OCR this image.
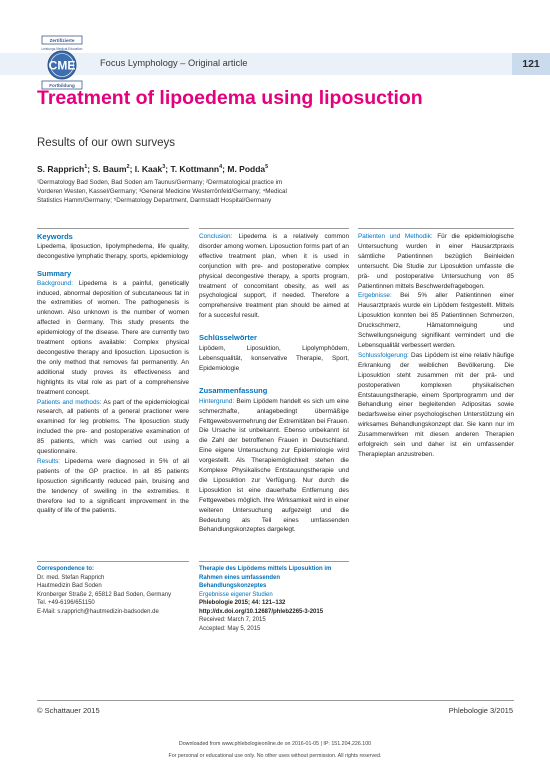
Focus Lymphology – Original article	121
Zertifizierte
Leistungs-Medical-Education
CME
Fortbildung
Treatment of lipoedema using liposuction
Results of our own surveys
S. Rapprich$^1$; S. Baum$^2$; I. Kaak$^3$; T. Kottmann$^4$; M. Podda$^5$
¹Dermatology Bad Soden, Bad Soden am Taunus/Germany; ²Dermatological practice im Vorderen Westen, Kassel/Germany; ³General Medicine Westerrönfeld/Germany; ⁴Medical Statistics Hamm/Germany; ⁵Dermatology Department, Darmstadt Hospital/Germany
Keywords

Lipedema, liposuction, lipolymphedema, life quality, decongestive lymphatic therapy, sports, epidemiology

Summary

Background: Lipedema is a painful, genetically induced, abnormal deposition of subcutaneous fat in the extremities of women. The pathogenesis is unknown. Also unknown is the number of women affected in Germany. This study presents the epidemiology of the disease. There are currently two treatment options available: Complex physical decongestive therapy and liposuction. Liposuction is the only method that removes fat permanently. An additional study proves its effectiveness and highlights its vital role as part of a comprehensive treatment concept.

Patients and methods: As part of the epidemiological research, all patients of a general practioner were examined for leg problems. The liposuction study included the pre- and postoperative examination of 85 patients, which was carried out using a questionnaire.

Results: Lipedema were diagnosed in 5% of all patients of the GP practice. In all 85 patients liposuction significantly reduced pain, bruising and the tendency of swelling in the extremities. It therefore led to a significant improvement in the quality of life of the patients.

Conclusion: Lipedema is a relatively common disorder among women. Liposuction forms part of an effective treatment plan, when it is used in conjunction with pre- and postoperative complex physical decongestive therapy, a sports program, treatment of concomitant obesity, as well as psychological support, if needed. Therefore a comprehensive treatment plan should be aimed at for a succesful result.

Schlüsselwörter

Lipödem, Liposuktion, Lipolymphödem, Lebensqualität, konservative Therapie, Sport, Epidemiologie

Zusammenfassung

Hintergrund: Beim Lipödem handelt es sich um eine schmerzhafte, anlagebedingt übermäßige Fettgewebsvermehrung der Extremitäten bei Frauen. Die Ursache ist unbekannt. Ebenso unbekannt ist die Zahl der betroffenen Frauen in Deutschland. Eine eigene Untersuchung zur Epidemiologie wird vorgestellt. Als Therapiemöglichkeit stehen die Komplexe Physikalische Entstauungstherapie und die Liposuktion zur Verfügung. Nur durch die Liposuktion ist eine dauerhafte Entfernung des Fettgewebes möglich. Ihre Wirksamkeit wird in einer weiteren Untersuchung aufgezeigt und die Bedeutung als Teil eines umfassenden Behandlungskonzeptes dargelegt.

Patienten und Methodik: Für die epidemiologische Untersuchung wurden in einer Hausarztpraxis sämtliche Patientinnen bezüglich Beinleiden untersucht. Die Studie zur Liposuktion umfasste die prä- und postoperative Untersuchung von 85 Patientinnen mittels Beschwerdefragebogen.

Ergebnisse: Bei 5% aller Patientinnen einer Hausarztpraxis wurde ein Lipödem festgestellt. Mittels Liposuktion konnten bei 85 Patientinnen Schmerzen, Druckschmerz, Hämatomneigung und Schwellungsneigung signifikant vermindert und die Lebensqualität verbessert werden.

Schlussfolgerung: Das Lipödem ist eine relativ häufige Erkrankung der weiblichen Bevölkerung. Die Liposuktion steht zusammen mit der prä- und postoperativen komplexen physikalischen Entstauungstherapie, einem Sportprogramm und der Behandlung einer begleitenden Adipositas sowie bedarfsweise einer psychologischen Unterstützung ein wirksames Behandlungskonzept dar. Sie kann nur im Zusammenwirken mit diesen anderen Therapien erfolgreich sein und daher ist ein umfassender Therapieplan anzustreben.

Correspondence to:
Dr. med. Stefan Rapprich
Hautmedizin Bad Soden
Kronberger Straße 2, 65812 Bad Soden, Germany
Tel. +49-6196/651150
E-Mail: s.rapprich@hautmedizin-badsoden.de
Therapie des Lipödems mittels Liposuktion im Rahmen eines umfassenden Behandlungskonzeptes
Ergebnisse eigener Studien
Phlebologie 2015; 44: 121–132
http://dx.doi.org/10.12687/phleb2265-3-2015
Received: March 7, 2015
Accepted: May 5, 2015
© Schattauer 2015	Phlebologie 3/2015
Downloaded from www.phlebologieonline.de on 2016-01-05 | IP: 151.204.226.100
For personal or educational use only. No other uses without permission. All rights reserved.
